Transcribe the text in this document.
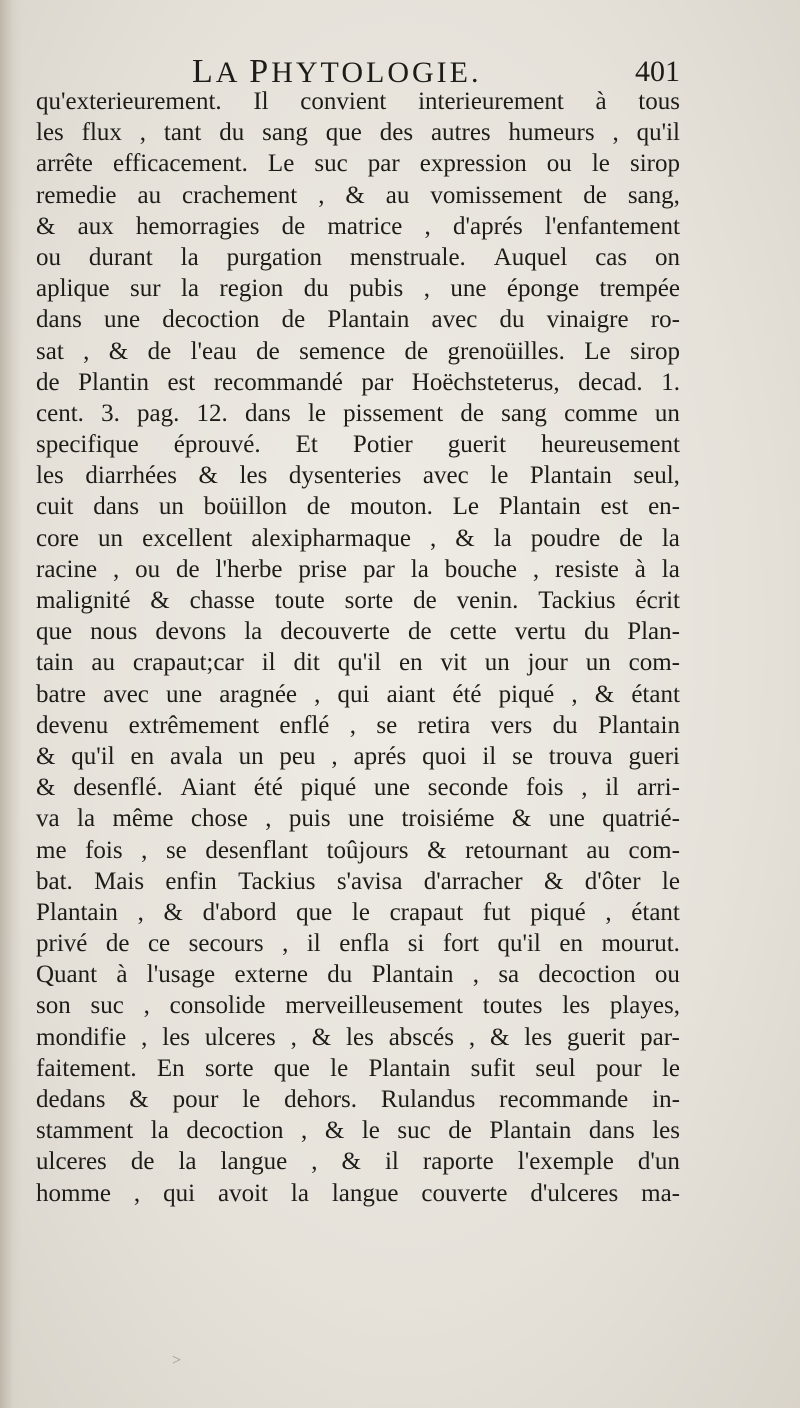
LA PHYTOLOGIE.	401
qu'exterieurement. Il convient interieurement à tous
les flux , tant du sang que des autres humeurs , qu'il
arrête efficacement. Le suc par expression ou le sirop
remedie au crachement , & au vomissement de sang,
& aux hemorragies de matrice , d'aprés l'enfantement
ou durant la purgation menstruale. Auquel cas on
aplique sur la region du pubis , une éponge trempée
dans une decoction de Plantain avec du vinaigre ro-
sat , & de l'eau de semence de grenoüilles. Le sirop
de Plantin est recommandé par Hoëchsteterus, decad. 1.
cent. 3. pag. 12. dans le pissement de sang comme un
specifique éprouvé. Et Potier guerit heureusement
les diarrhées & les dysenteries avec le Plantain seul,
cuit dans un boüillon de mouton. Le Plantain est en-
core un excellent alexipharmaque , & la poudre de la
racine , ou de l'herbe prise par la bouche , resiste à la
malignité & chasse toute sorte de venin. Tackius écrit
que nous devons la decouverte de cette vertu du Plan-
tain au crapaut;car il dit qu'il en vit un jour un com-
batre avec une aragnée , qui aiant été piqué , & étant
devenu extrêmement enflé , se retira vers du Plantain
& qu'il en avala un peu , aprés quoi il se trouva gueri
& desenflé. Aiant été piqué une seconde fois , il arri-
va la même chose , puis une troisiéme & une quatrié-
me fois , se desenflant toûjours & retournant au com-
bat. Mais enfin Tackius s'avisa d'arracher & d'ôter le
Plantain , & d'abord que le crapaut fut piqué , étant
privé de ce secours , il enfla si fort qu'il en mourut.
Quant à l'usage externe du Plantain , sa decoction ou
son suc , consolide merveilleusement toutes les playes,
mondifie , les ulceres , & les abscés , & les guerit par-
faitement. En sorte que le Plantain sufit seul pour le
dedans & pour le dehors. Rulandus recommande in-
stamment la decoction , & le suc de Plantain dans les
ulceres de la langue , & il raporte l'exemple d'un
homme , qui avoit la langue couverte d'ulceres ma-
>
